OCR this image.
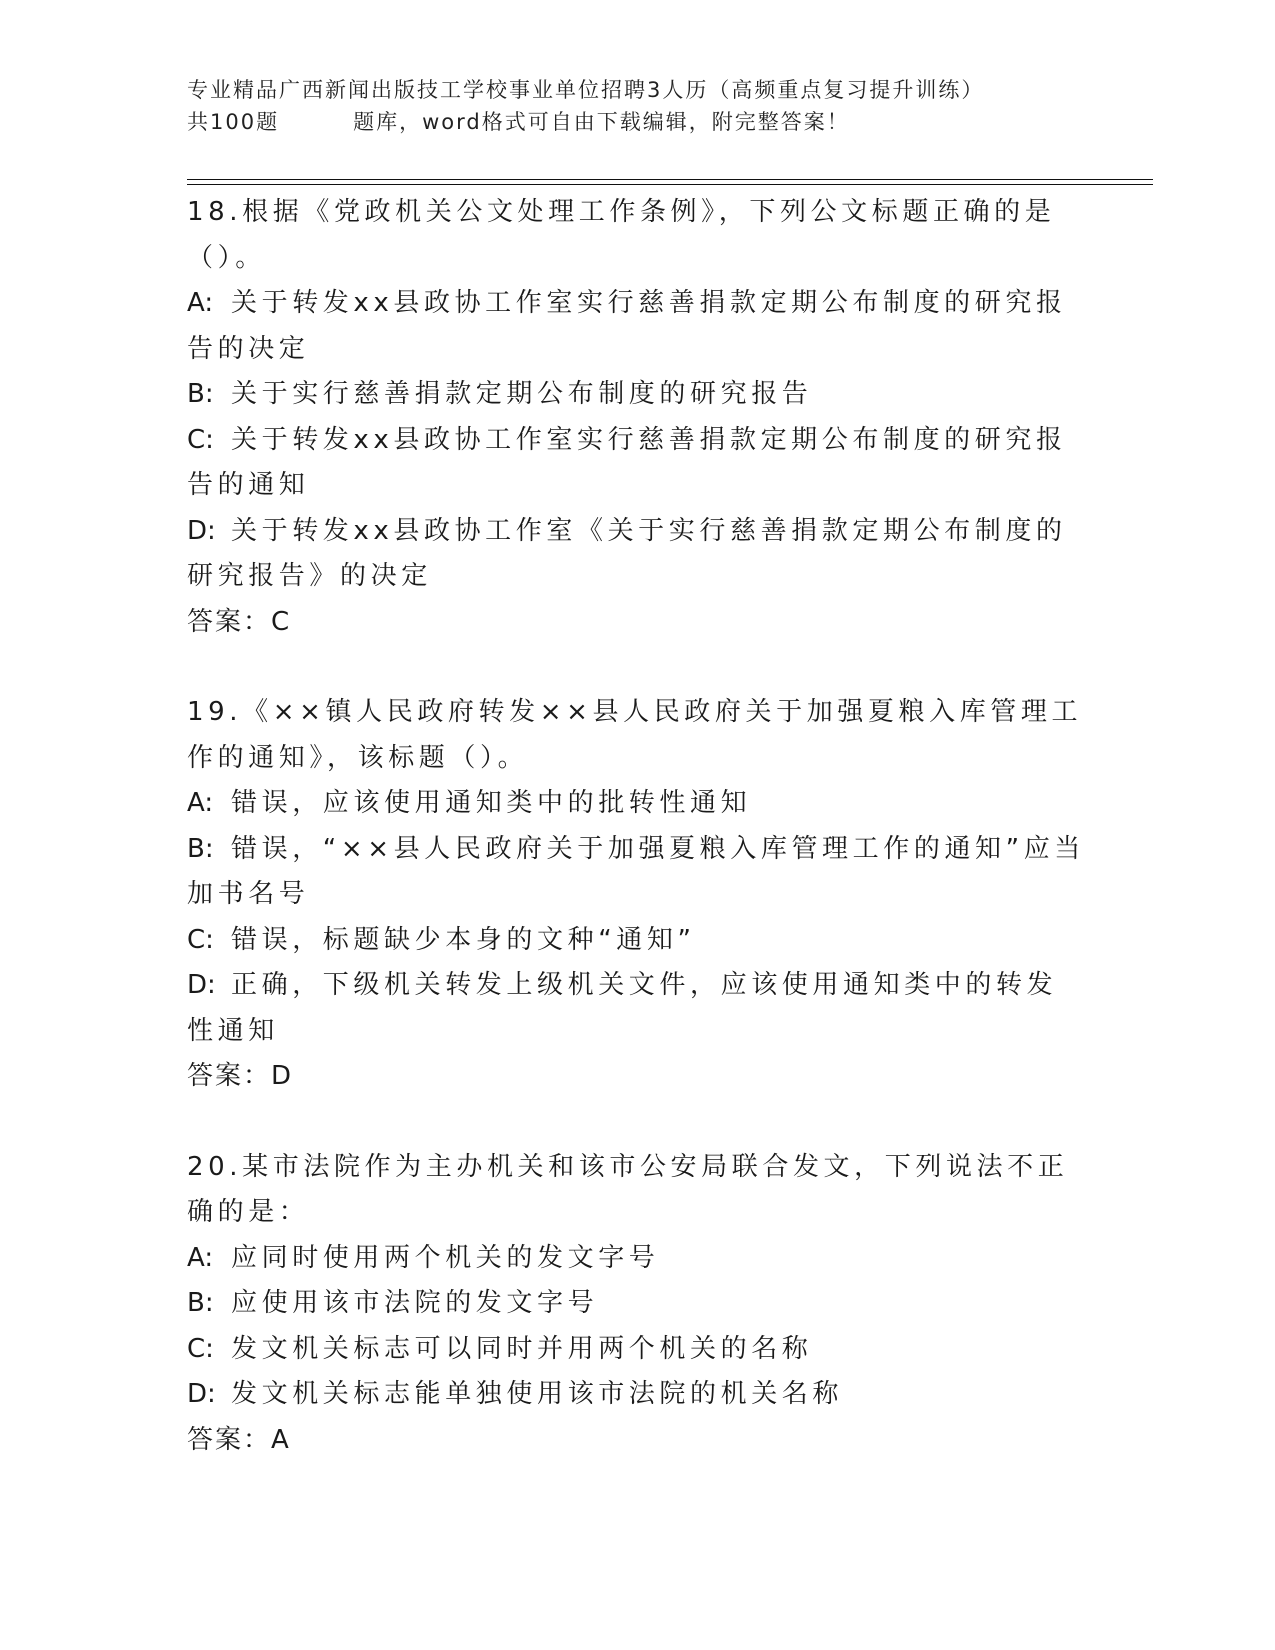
专业精品广西新闻出版技工学校事业单位招聘3人历（高频重点复习提升训练）
共100题	题库，word格式可自由下载编辑，附完整答案！

18.根据《党政机关公文处理工作条例》，下列公文标题正确的是（）。

A: 关于转发xx县政协工作室实行慈善捐款定期公布制度的研究报告的决定

B: 关于实行慈善捐款定期公布制度的研究报告

C: 关于转发xx县政协工作室实行慈善捐款定期公布制度的研究报告的通知

D: 关于转发xx县政协工作室《关于实行慈善捐款定期公布制度的研究报告》的决定

答案：C

19.《××镇人民政府转发××县人民政府关于加强夏粮入库管理工作的通知》，该标题（）。

A: 错误，应该使用通知类中的批转性通知

B: 错误，“××县人民政府关于加强夏粮入库管理工作的通知”应当加书名号

C: 错误，标题缺少本身的文种“通知”

D: 正确，下级机关转发上级机关文件，应该使用通知类中的转发性通知

答案：D

20.某市法院作为主办机关和该市公安局联合发文，下列说法不正确的是：

A: 应同时使用两个机关的发文字号

B: 应使用该市法院的发文字号

C: 发文机关标志可以同时并用两个机关的名称

D: 发文机关标志能单独使用该市法院的机关名称

答案：A
